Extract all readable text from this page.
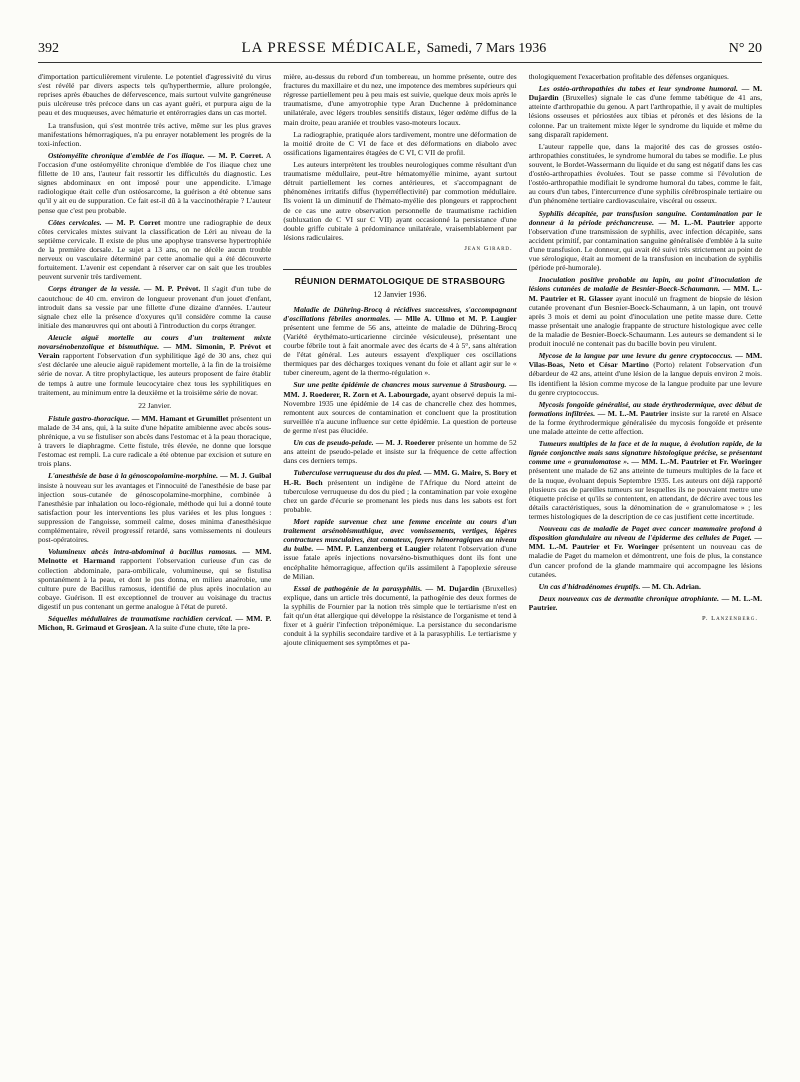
392	LA PRESSE MÉDICALE, Samedi, 7 Mars 1936	N° 20

d'importation particulièrement virulente. Le potentiel d'agressivité du virus s'est révélé par divers aspects tels qu'hyperthermie, allure prolongée, reprises après ébauches de défervescence, mais surtout vulvite gangréneuse puis ulcéreuse très précoce dans un cas ayant guéri, et purpura aigu de la peau et des muqueuses, avec hématurie et entérorragies dans un cas mortel.

La transfusion, qui s'est montrée très active, même sur les plus graves manifestations hémorragiques, n'a pu enrayer notablement les progrès de la toxi-infection.

Ostéomyélite chronique d'emblée de l'os iliaque. — M. P. Corret. A l'occasion d'une ostéomyélite chronique d'emblée de l'os iliaque chez une fillette de 10 ans, l'auteur fait ressortir les difficultés du diagnostic. Les signes abdominaux en ont imposé pour une appendicite. L'image radiologique était celle d'un ostéosarcome, la guérison a été obtenue sans qu'il y ait eu de suppuration. Ce fait est-il dû à la vaccinothérapie ? L'auteur pense que c'est peu probable.

Côtes cervicales. — M. P. Corret montre une radiographie de deux côtes cervicales mixtes suivant la classification de Léri au niveau de la septième cervicale. Il existe de plus une apophyse transverse hypertrophiée de la première dorsale. Le sujet a 13 ans, on ne décèle aucun trouble nerveux ou vasculaire déterminé par cette anomalie qui a été découverte fortuitement. L'avenir est cependant à réserver car on sait que les troubles peuvent survenir très tardivement.

Corps étranger de la vessie. — M. P. Prévot. Il s'agit d'un tube de caoutchouc de 40 cm. environ de longueur provenant d'un jouet d'enfant, introduit dans sa vessie par une fillette d'une dizaine d'années. L'auteur signale chez elle la présence d'oxyures qu'il considère comme la cause initiale des manœuvres qui ont abouti à l'introduction du corps étranger.

Aleucie aiguë mortelle au cours d'un traitement mixte novarsénobenzolique et bismuthique. — MM. Simonin, P. Prévot et Verain rapportent l'observation d'un syphilitique âgé de 30 ans, chez qui s'est déclarée une aleucie aiguë rapidement mortelle, à la fin de la troisième série de novar. A titre prophylactique, les auteurs proposent de faire établir de temps à autre une formule leucocytaire chez tous les syphilitiques en traitement, au minimum entre la deuxième et la troisième série de novar.

22 Janvier.

Fistule gastro-thoracique. — MM. Hamant et Grumillet présentent un malade de 34 ans, qui, à la suite d'une hépatite amibienne avec abcès sous-phrénique, a vu se fistuliser son abcès dans l'estomac et à la peau thoracique, à travers le diaphragme. Cette fistule, très élevée, ne donne que lorsque l'estomac est rempli. La cure radicale a été obtenue par excision et suture en trois plans.

L'anesthésie de base à la génoscopolamine-morphine. — M. J. Guibal insiste à nouveau sur les avantages et l'innocuité de l'anesthésie de base par injection sous-cutanée de génoscopolamine-morphine, combinée à l'anesthésie par inhalation ou loco-régionale, méthode qui lui a donné toute satisfaction pour les interventions les plus variées et les plus longues : suppression de l'angoisse, sommeil calme, doses minima d'anesthésique complémentaire, réveil progressif retardé, sans vomissements ni douleurs post-opératoires.

Volumineux abcès intra-abdominal à bacillus ramosus. — MM. Melnotte et Harmand rapportent l'observation curieuse d'un cas de collection abdominale, para-ombilicale, volumineuse, qui se fistulisa spontanément à la peau, et dont le pus donna, en milieu anaérobie, une culture pure de Bacillus ramosus, identifié de plus après inoculation au cobaye. Guérison. Il est exceptionnel de trouver au voisinage du tractus digestif un pus contenant un germe analogue à l'état de pureté.

Séquelles médullaires de traumatisme rachidien cervical. — MM. P. Michon, R. Grimaud et Grosjean. A la suite d'une chute, tête la pre-

mière, au-dessus du rebord d'un tombereau, un homme présente, outre des fractures du maxillaire et du nez, une impotence des membres supérieurs qui régresse partiellement peu à peu mais est suivie, quelque deux mois après le traumatisme, d'une amyotrophie type Aran Duchenne à prédominance unilatérale, avec légers troubles sensitifs distaux, léger œdème diffus de la main droite, peau araniée et troubles vaso-moteurs locaux.

La radiographie, pratiquée alors tardivement, montre une déformation de la moitié droite de C VI de face et des déformations en diabolo avec ossifications ligamentaires étagées de C VI, C VII de profil.

Les auteurs interprètent les troubles neurologiques comme résultant d'un traumatisme médullaire, peut-être hématomyélie minime, ayant surtout détruit partiellement les cornes antérieures, et s'accompagnant de phénomènes irritatifs diffus (hyperréflectivité) par commotion médullaire. Ils voient là un diminutif de l'hémato-myélie des plongeurs et rapprochent de ce cas une autre observation personnelle de traumatisme rachidien (subluxation de C VI sur C VII) ayant occasionné la persistance d'une double griffe cubitale à prédominance unilatérale, vraisemblablement par lésions radiculaires.

Jean Girard.
RÉUNION DERMATOLOGIQUE DE STRASBOURG
12 Janvier 1936.

Maladie de Dühring-Brocq à récidives successives, s'accompagnant d'oscillations fébriles anormales. — Mlle A. Ullmo et M. P. Laugier présentent une femme de 56 ans, atteinte de maladie de Dühring-Brocq (Variété érythémato-urticarienne circinée vésiculeuse), présentant une courbe fébrile tout à fait anormale avec des écarts de 4 à 5°, sans altération de l'état général. Les auteurs essayent d'expliquer ces oscillations thermiques par des décharges toxiques venant du foie et allant agir sur le « tuber cinereum, agent de la thermo-régulation ».

Sur une petite épidémie de chancres mous survenue à Strasbourg. — MM. J. Roederer, R. Zorn et A. Labourgade, ayant observé depuis la mi-Novembre 1935 une épidémie de 14 cas de chancrelle chez des hommes, remontent aux sources de contamination et concluent que la prostitution surveillée n'a aucune influence sur cette épidémie. La question de porteuse de germe n'est pas élucidée.

Un cas de pseudo-pelade. — M. J. Roederer présente un homme de 52 ans atteint de pseudo-pelade et insiste sur la fréquence de cette affection dans ces derniers temps.

Tuberculose verruqueuse du dos du pied. — MM. G. Maire, S. Bory et H.-R. Boch présentent un indigène de l'Afrique du Nord atteint de tuberculose verruqueuse du dos du pied ; la contamination par voie exogène chez un garde d'écurie se promenant les pieds nus dans les sabots est fort probable.

Mort rapide survenue chez une femme enceinte au cours d'un traitement arsénobismuthique, avec vomissements, vertiges, légères contractures musculaires, état comateux, foyers hémorragiques au niveau du bulbe. — MM. P. Lanzenberg et Laugier relatent l'observation d'une issue fatale après injections novarséno-bismuthiques dont ils font une encéphalite hémorragique, affection qu'ils assimilent à l'apoplexie séreuse de Milian.

Essai de pathogénie de la parasyphilis. — M. Dujardin (Bruxelles) explique, dans un article très documenté, la pathogénie des deux formes de la syphilis de Fournier par la notion très simple que le tertiarisme n'est en fait qu'un état allergique qui développe la résistance de l'organisme et tend à fixer et à guérir l'infection tréponémique. La persistance du secondarisme conduit à la syphilis secondaire tardive et à la parasyphilis. Le tertiarisme y ajoute cliniquement ses symptômes et pa-

thologiquement l'exacerbation profitable des défenses organiques.

Les ostéo-arthropathies du tabes et leur syndrome humoral. — M. Dujardin (Bruxelles) signale le cas d'une femme tabétique de 41 ans, atteinte d'arthropathie du genou. A part l'arthropathie, il y avait de multiples lésions osseuses et périostées aux tibias et péronés et des lésions de la colonne. Par un traitement mixte léger le syndrome du liquide et même du sang disparaît rapidement.

L'auteur rappelle que, dans la majorité des cas de grosses ostéo-arthropathies constituées, le syndrome humoral du tabes se modifie. Le plus souvent, le Bordet-Wassermann du liquide et du sang est négatif dans les cas d'ostéo-arthropathies évoluées. Tout se passe comme si l'évolution de l'ostéo-arthropathie modifiait le syndrome humoral du tabes, comme le fait, au cours d'un tabes, l'intercurrence d'une syphilis cérébrospinale tertiaire ou d'un phénomène tertiaire cardiovasculaire, viscéral ou osseux.

Syphilis décapitée, par transfusion sanguine. Contamination par le donneur à la période préchancreuse. — M. L.-M. Pautrier apporte l'observation d'une transmission de syphilis, avec infection décapitée, sans accident primitif, par contamination sanguine généralisée d'emblée à la suite d'une transfusion. Le donneur, qui avait été suivi très strictement au point de vue sérologique, était au moment de la transfusion en incubation de syphilis (période pré-humorale).

Inoculation positive probable au lapin, au point d'inoculation de lésions cutanées de maladie de Besnier-Boeck-Schaumann. — MM. L.-M. Pautrier et R. Glasser ayant inoculé un fragment de biopsie de lésion cutanée provenant d'un Besnier-Boeck-Schaumann, à un lapin, ont trouvé après 3 mois et demi au point d'inoculation une petite masse dure. Cette masse présentait une analogie frappante de structure histologique avec celle de la maladie de Besnier-Boeck-Schaumann. Les auteurs se demandent si le produit inoculé ne contenait pas du bacille bovin peu virulent.

Mycose de la langue par une levure du genre cryptococcus. — MM. Vilas-Boas, Neto et César Martino (Porto) relatent l'observation d'un débardeur de 42 ans, atteint d'une lésion de la langue depuis environ 2 mois. Ils identifient la lésion comme mycose de la langue produite par une levure du genre cryptococcus.

Mycosis fongoïde généralisé, au stade érythrodermique, avec début de formations infiltrées. — M. L.-M. Pautrier insiste sur la rareté en Alsace de la forme érythrodermique généralisée du mycosis fongoïde et présente une malade atteinte de cette affection.

Tumeurs multiples de la face et de la nuque, à évolution rapide, de la lignée conjonctive mais sans signature histologique précise, se présentant comme une « granulomatose ». — MM. L.-M. Pautrier et Fr. Woringer présentent une malade de 62 ans atteinte de tumeurs multiples de la face et de la nuque, évoluant depuis Septembre 1935. Les auteurs ont déjà rapporté plusieurs cas de pareilles tumeurs sur lesquelles ils ne pouvaient mettre une étiquette précise et qu'ils se contentent, en attendant, de décrire avec tous les détails caractéristiques, sous la dénomination de « granulomatose » ; les termes histologiques de la description de ce cas justifient cette incertitude.

Nouveau cas de maladie de Paget avec cancer mammaire profond à disposition glandulaire au niveau de l'épiderme des cellules de Paget. — MM. L.-M. Pautrier et Fr. Woringer présentent un nouveau cas de maladie de Paget du mamelon et démontrent, une fois de plus, la constance d'un cancer profond de la glande mammaire qui accompagne les lésions cutanées.

Un cas d'hidradénomes éruptifs. — M. Ch. Adrian.

Deux nouveaux cas de dermatite chronique atrophiante. — M. L.-M. Pautrier.

P. Lanzenberg.
